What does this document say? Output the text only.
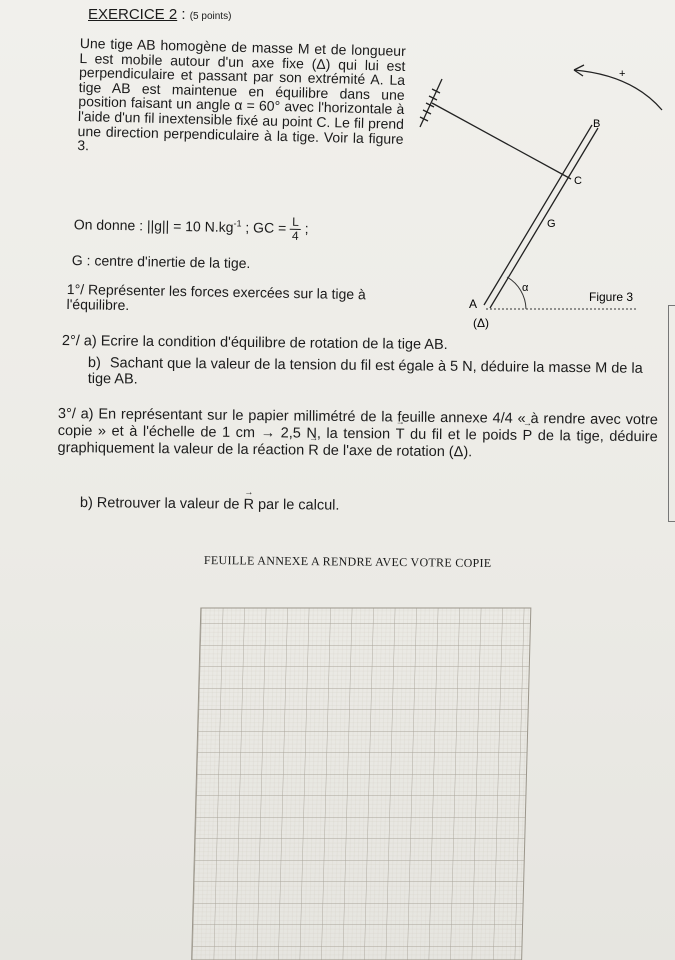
EXERCICE 2 : (5 points)
Une tige AB homogène de masse M et de longueur L est mobile autour d'un axe fixe (Δ) qui lui est perpendiculaire et passant par son extrémité A. La tige AB est maintenue en équilibre dans une position faisant un angle α = 60° avec l'horizontale à l'aide d'un fil inextensible fixé au point C. Le fil prend une direction perpendiculaire à la tige. Voir la figure 3.
On donne : ||g|| = 10 $N.kg^{-1}$ ; GC = $\frac{L}{4}$ ;
G : centre d'inertie de la tige.
1°/ Représenter les forces exercées sur la tige à l'équilibre.
2°/ a) Ecrire la condition d'équilibre de rotation de la tige AB.
b) Sachant que la valeur de la tension du fil est égale à 5 N, déduire la masse M de la tige AB.
3°/ a) En représentant sur le papier millimétré de la feuille annexe 4/4 « à rendre avec votre copie » et à l'échelle de 1 cm → 2,5 N, la tension → T du fil et le poids → P de la tige, déduire graphiquement la valeur de la réaction → R de l'axe de rotation (Δ).
b) Retrouver la valeur de → R par le calcul.
FEUILLE ANNEXE A RENDRE AVEC VOTRE COPIE
+
B
C
G
α
A
(Δ)
Figure 3
